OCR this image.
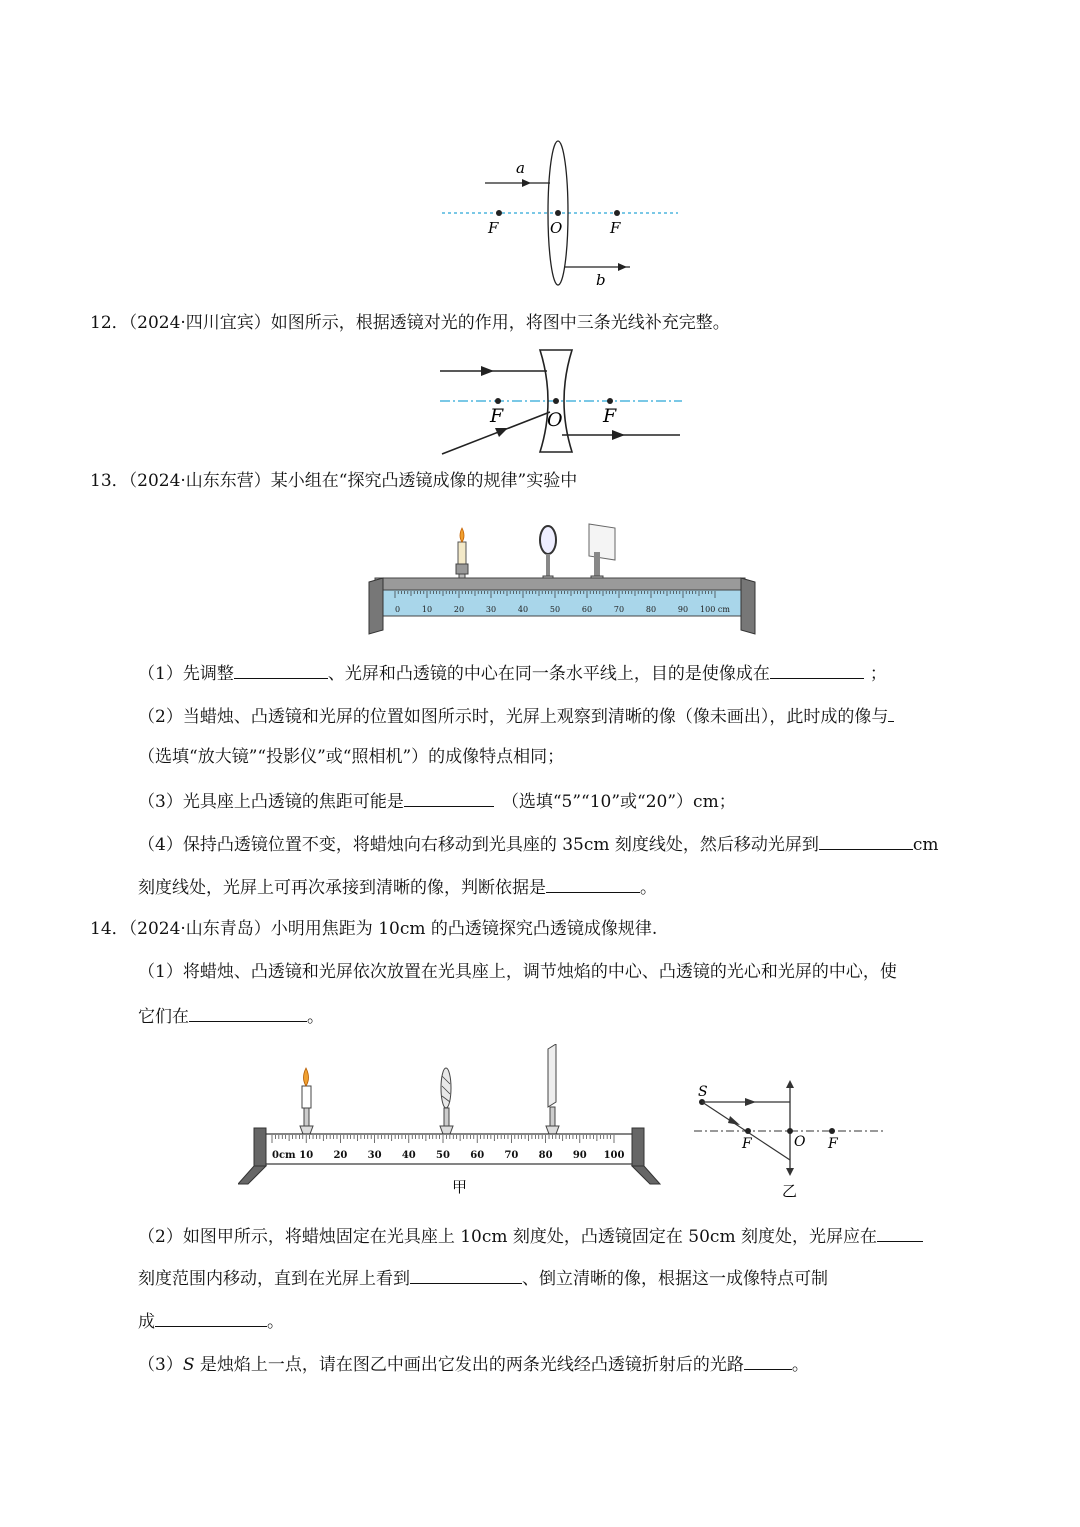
a
b
F	O	F
12．（2024·四川宜宾）如图所示，根据透镜对光的作用，将图中三条光线补充完整。
F O F
13．（2024·山东东营）某小组在“探究凸透镜成像的规律”实验中
0	10	20	30	40	50	60	70	80	90 100 cm
（1）先调整	、光屏和凸透镜的中心在同一条水平线上，目的是使像成在	；
（2）当蜡烛、凸透镜和光屏的位置如图所示时，光屏上观察到清晰的像（像未画出），此时成的像与
（选填“放大镜”“投影仪”或“照相机”）的成像特点相同；
（3）光具座上凸透镜的焦距可能是	（选填“5”“10”或“20”）cm；
（4）保持凸透镜位置不变，将蜡烛向右移动到光具座的 35cm 刻度线处，然后移动光屏到	cm
刻度线处，光屏上可再次承接到清晰的像，判断依据是	。
14．（2024·山东青岛）小明用焦距为 10cm 的凸透镜探究凸透镜成像规律.
（1）将蜡烛、凸透镜和光屏依次放置在光具座上，调节烛焰的中心、凸透镜的光心和光屏的中心，使
它们在	。
0cm 10 20 30 40 50 60 70 80 90 100
甲
S
F	O F
乙
（2）如图甲所示，将蜡烛固定在光具座上 10cm 刻度处，凸透镜固定在 50cm 刻度处，光屏应在
刻度范围内移动，直到在光屏上看到	、倒立清晰的像，根据这一成像特点可制
成	。
（3）S 是烛焰上一点，请在图乙中画出它发出的两条光线经凸透镜折射后的光路	。
